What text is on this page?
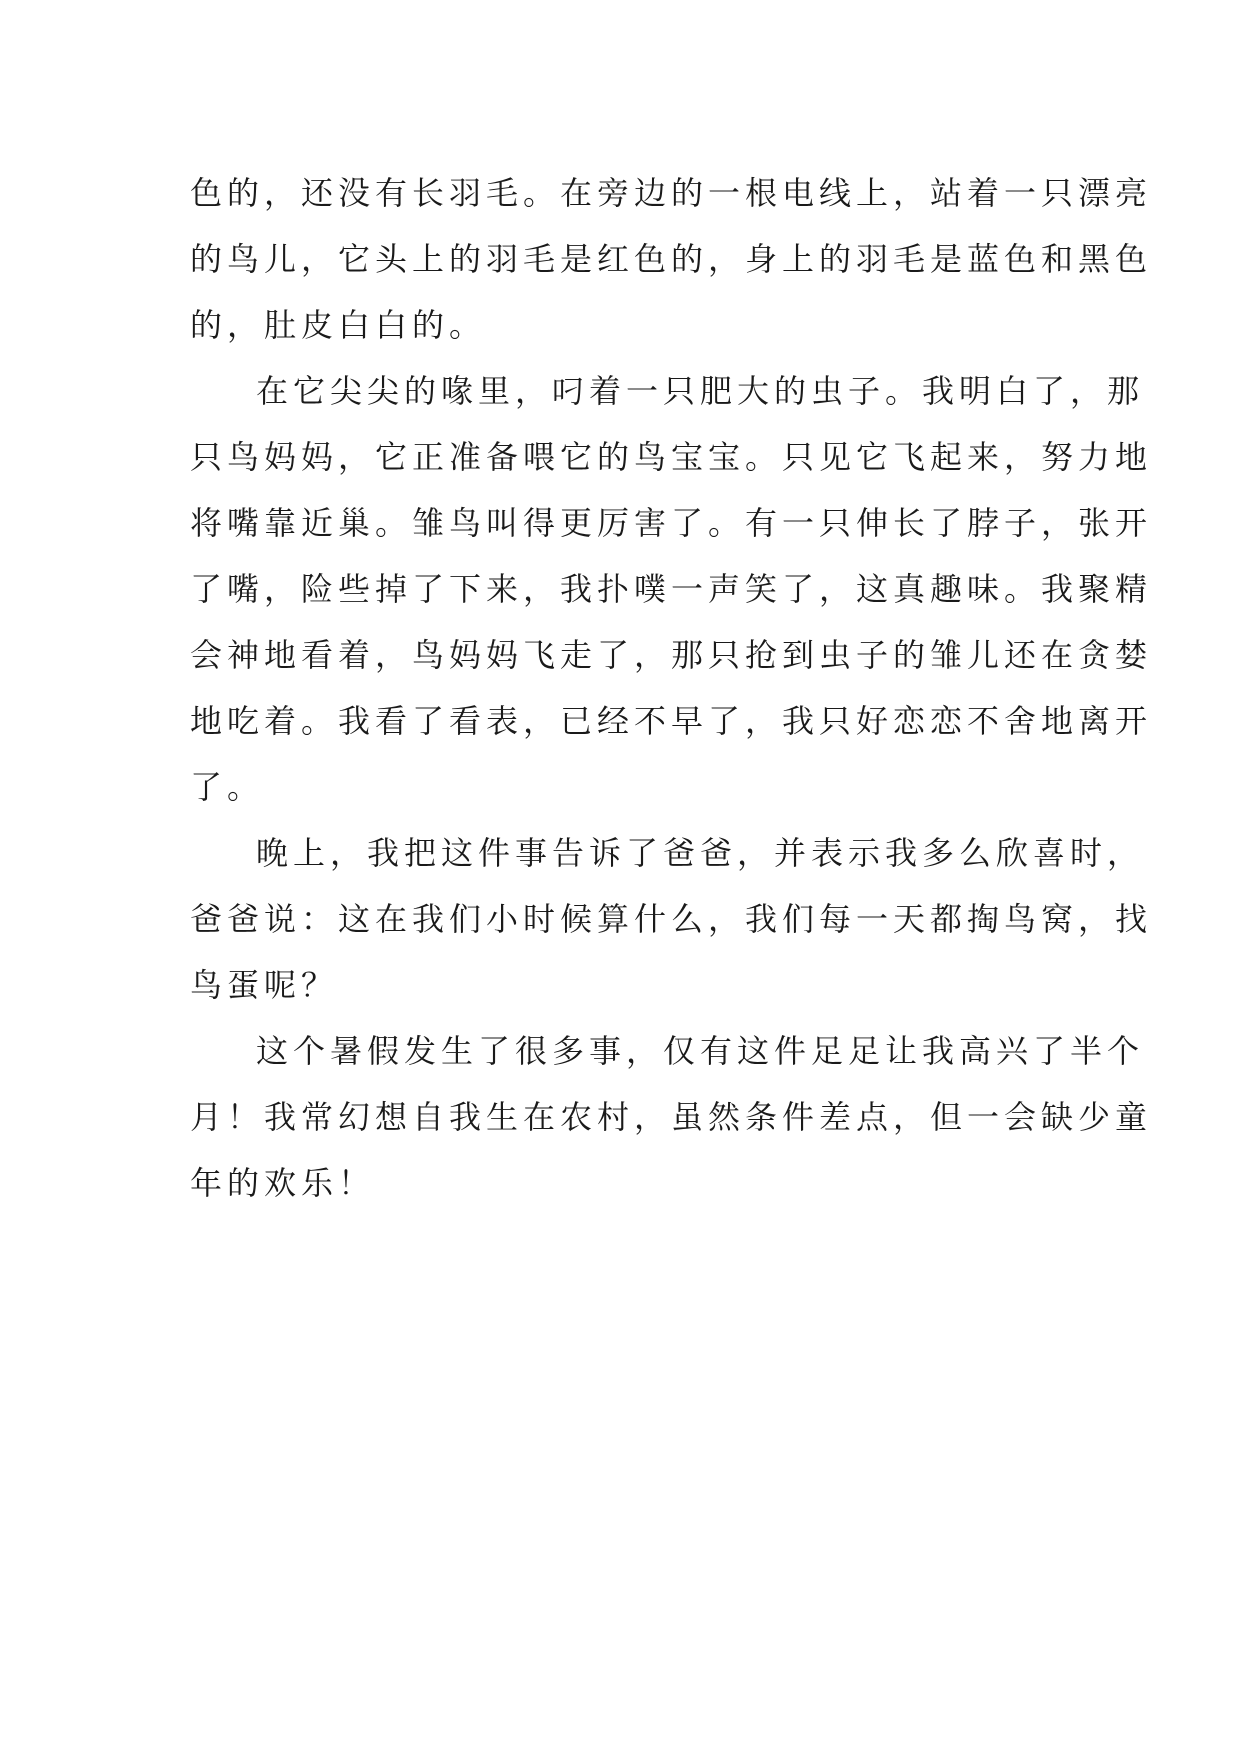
色的，还没有长羽毛。在旁边的一根电线上，站着一只漂亮
的鸟儿，它头上的羽毛是红色的，身上的羽毛是蓝色和黑色
的，肚皮白白的。
在它尖尖的喙里，叼着一只肥大的虫子。我明白了，那
只鸟妈妈，它正准备喂它的鸟宝宝。只见它飞起来，努力地
将嘴靠近巢。雏鸟叫得更厉害了。有一只伸长了脖子，张开
了嘴，险些掉了下来，我扑噗一声笑了，这真趣味。我聚精
会神地看着，鸟妈妈飞走了，那只抢到虫子的雏儿还在贪婪
地吃着。我看了看表，已经不早了，我只好恋恋不舍地离开
了。
晚上，我把这件事告诉了爸爸，并表示我多么欣喜时，
爸爸说：这在我们小时候算什么，我们每一天都掏鸟窝，找
鸟蛋呢？
这个暑假发生了很多事，仅有这件足足让我高兴了半个
月！我常幻想自我生在农村，虽然条件差点，但一会缺少童
年的欢乐！
